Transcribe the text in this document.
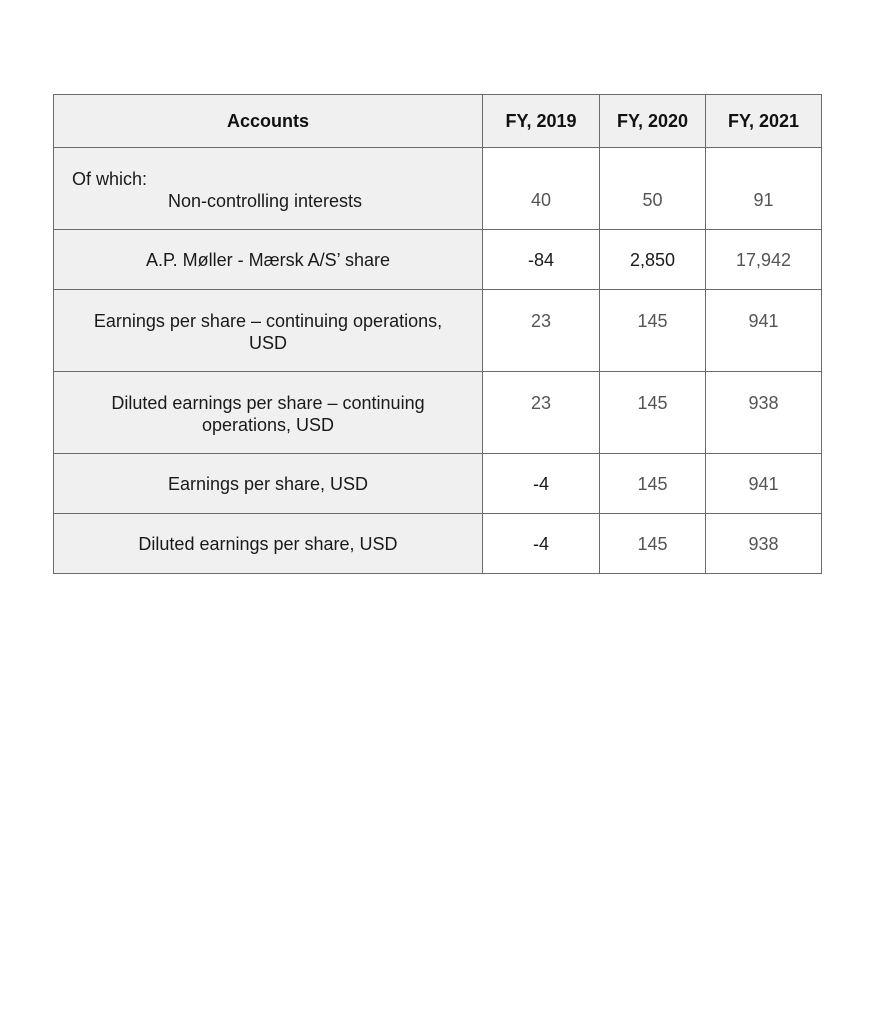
Accounts	FY, 2019	FY, 2020	FY, 2021

Of which:
Non-controlling interests	40	50	91
A.P. Møller - Mærsk A/S’ share	-84	2,850	17,942
Earnings per share – continuing operations, USD	23	145	941
Diluted earnings per share – continuing operations, USD	23	145	938
Earnings per share, USD	-4	145	941
Diluted earnings per share, USD	-4	145	938
